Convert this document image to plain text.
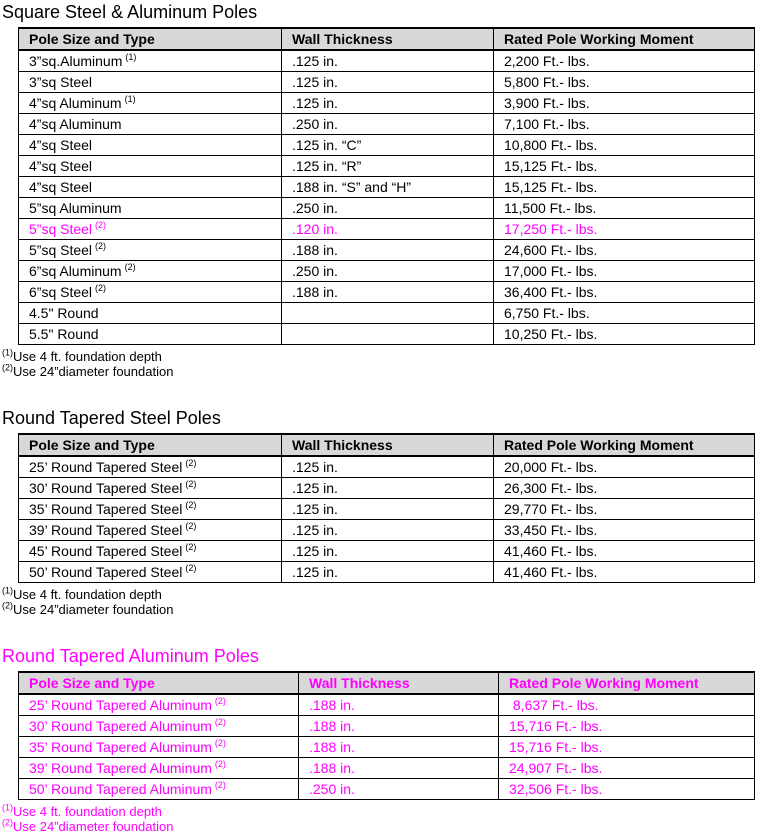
Square Steel & Aluminum Poles
Pole Size and Type	Wall Thickness	Rated Pole Working Moment
3”sq.Aluminum $^{(1)}$	.125 in.	2,200 Ft.- lbs.
3”sq Steel	.125 in.	5,800 Ft.- lbs.
4”sq Aluminum $^{(1)}$	.125 in.	3,900 Ft.- lbs.
4”sq Aluminum	.250 in.	7,100 Ft.- lbs.
4”sq Steel	.125 in. “C”	10,800 Ft.- lbs.
4”sq Steel	.125 in. “R”	15,125 Ft.- lbs.
4”sq Steel	.188 in. “S” and “H”	15,125 Ft.- lbs.
5”sq Aluminum	.250 in.	11,500 Ft.- lbs.
5”sq Steel $^{(2)}$	.120 in.	17,250 Ft.- lbs.
5”sq Steel $^{(2)}$	.188 in.	24,600 Ft.- lbs.
6”sq Aluminum $^{(2)}$	.250 in.	17,000 Ft.- lbs.
6”sq Steel $^{(2)}$	.188 in.	36,400 Ft.- lbs.
4.5" Round		6,750 Ft.- lbs.
5.5" Round		10,250 Ft.- lbs.
$^{(1)}$Use 4 ft. foundation depth
$^{(2)}$Use 24”diameter foundation
Round Tapered Steel Poles
Pole Size and Type	Wall Thickness	Rated Pole Working Moment
25’ Round Tapered Steel $^{(2)}$	.125 in.	20,000 Ft.- lbs.
30’ Round Tapered Steel $^{(2)}$	.125 in.	26,300 Ft.- lbs.
35’ Round Tapered Steel $^{(2)}$	.125 in.	29,770 Ft.- lbs.
39’ Round Tapered Steel $^{(2)}$	.125 in.	33,450 Ft.- lbs.
45’ Round Tapered Steel $^{(2)}$	.125 in.	41,460 Ft.- lbs.
50’ Round Tapered Steel $^{(2)}$	.125 in.	41,460 Ft.- lbs.
$^{(1)}$Use 4 ft. foundation depth
$^{(2)}$Use 24”diameter foundation
Round Tapered Aluminum Poles
Pole Size and Type	Wall Thickness	Rated Pole Working Moment
25’ Round Tapered Aluminum $^{(2)}$	.188 in.	8,637 Ft.- lbs.
30’ Round Tapered Aluminum $^{(2)}$	.188 in.	15,716 Ft.- lbs.
35’ Round Tapered Aluminum $^{(2)}$	.188 in.	15,716 Ft.- lbs.
39’ Round Tapered Aluminum $^{(2)}$	.188 in.	24,907 Ft.- lbs.
50’ Round Tapered Aluminum $^{(2)}$	.250 in.	32,506 Ft.- lbs.
$^{(1)}$Use 4 ft. foundation depth
$^{(2)}$Use 24”diameter foundation
